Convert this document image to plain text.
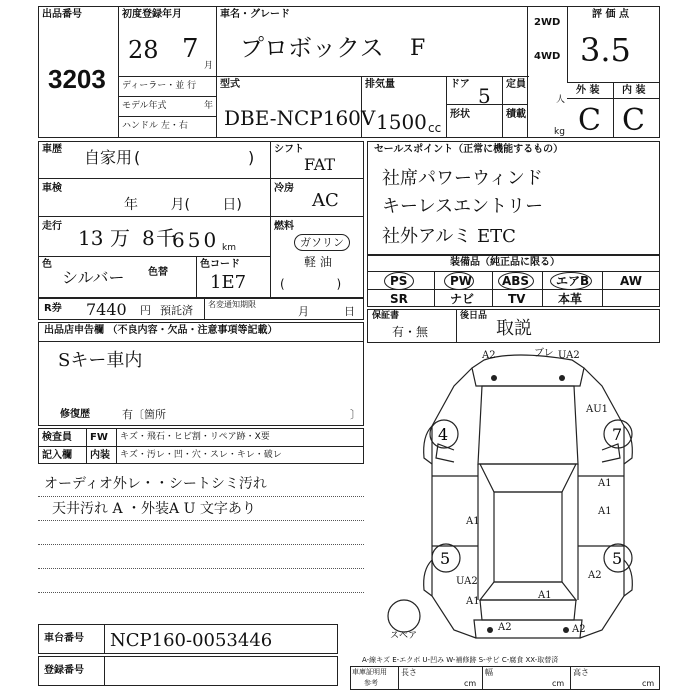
出品番号
3203
初度登録年月
28 7
月
車名・グレード
プロボックス F
2WD
4WD
評 価 点
3.5
ディーラー・並 行
モデル年式	年
ハンドル 左・右
型式
DBE-NCP160V
排気量
1500 cc
ドア 5 定員
人
形状	積載
kg
外 装 内 装
C C
車歴 自家用 (	)
車検
年 月( 日)
走行 13 万 8 千
650 km
色
シルバー 色替
色コード
1E7
シフト
FAT
冷房
AC
燃料
ガソリン
軽 油
( )
R券 7440 円 預託済 名変通知期限
月	日
セールスポイント（正常に機能するもの）
社席パワーウィンド
キーレスエントリー
社外アルミ ETC
装備品（純正品に限る）
PS	PW ABS エアB	AW
SR	ナビ	TV	本革
保証書
有・無
後日品
取説
出品店申告欄 （不良内容・欠品・注意事項等記載）
Sキー車内
修復歴	有〔箇所	〕
検査員 FW キズ・飛石・ヒビ割・リペア跡・X要
記入欄 内装 キズ・汚レ・凹・穴・スレ・キレ・破レ
オーディオ外レ・・シートシミ汚れ
天井汚れ A ・外装A U 文字あり
4	7
5	5
スペア
A2	ブレ UA2
AU1
A1
A1
A1
A2
A1
A2	A2
UA2
A1
A-線キズ E-エクボ U-凹み W-補修跡 S-サビ C-腐食 XX-取替済
車台番号 NCP160-0053446
登録番号	車庫証明用
参考
長さ
cm
幅
cm
高さ
cm
